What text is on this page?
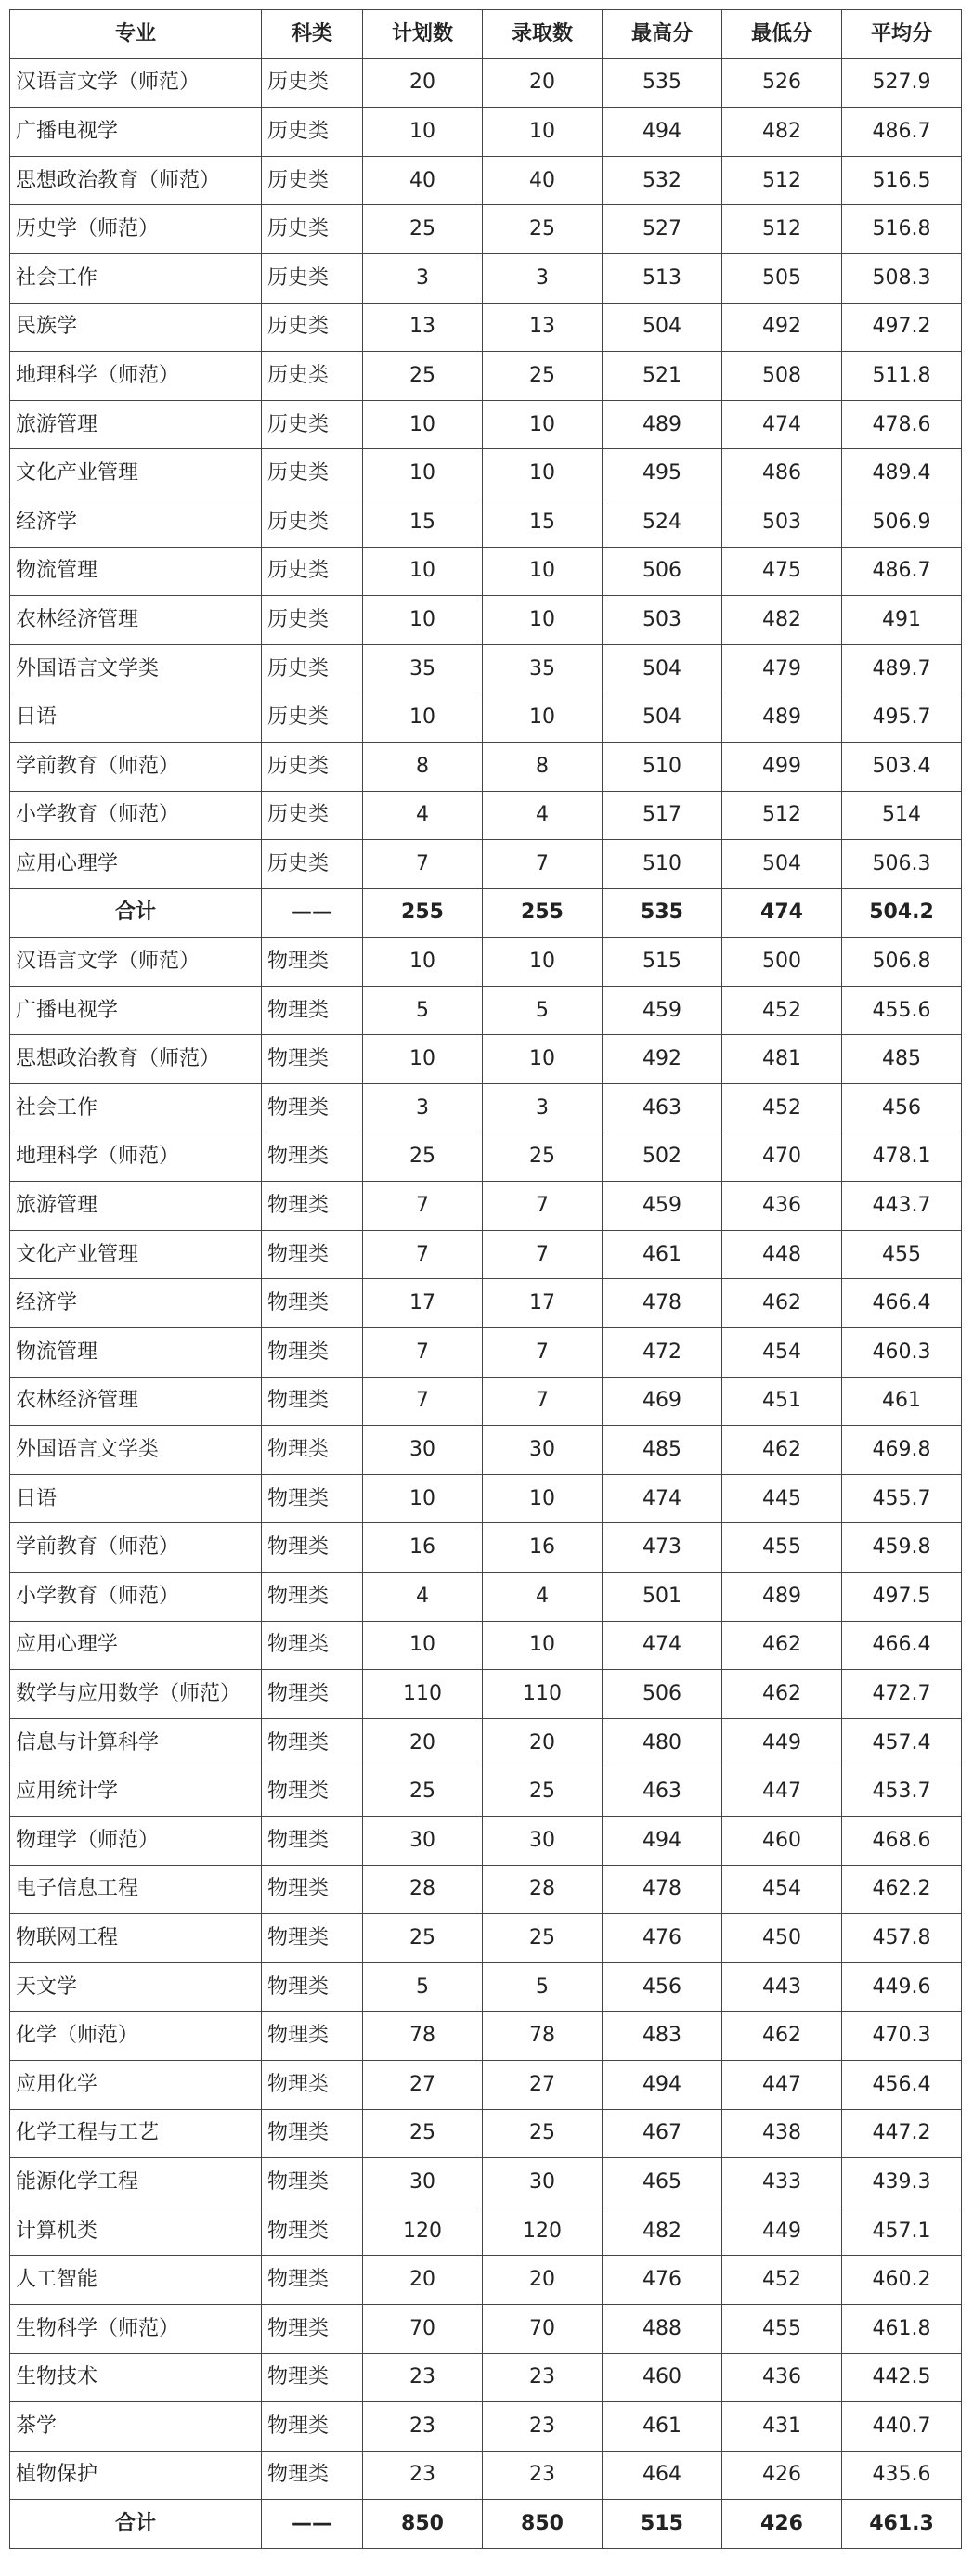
专业	科类	计划数	录取数	最高分	最低分	平均分
汉语言文学（师范）	历史类	20	20	535	526	527.9
广播电视学	历史类	10	10	494	482	486.7
思想政治教育（师范）	历史类	40	40	532	512	516.5
历史学（师范）	历史类	25	25	527	512	516.8
社会工作	历史类	3	3	513	505	508.3
民族学	历史类	13	13	504	492	497.2
地理科学（师范）	历史类	25	25	521	508	511.8
旅游管理	历史类	10	10	489	474	478.6
文化产业管理	历史类	10	10	495	486	489.4
经济学	历史类	15	15	524	503	506.9
物流管理	历史类	10	10	506	475	486.7
农林经济管理	历史类	10	10	503	482	491
外国语言文学类	历史类	35	35	504	479	489.7
日语	历史类	10	10	504	489	495.7
学前教育（师范）	历史类	8	8	510	499	503.4
小学教育（师范）	历史类	4	4	517	512	514
应用心理学	历史类	7	7	510	504	506.3
合计	——	255	255	535	474	504.2
汉语言文学（师范）	物理类	10	10	515	500	506.8
广播电视学	物理类	5	5	459	452	455.6
思想政治教育（师范）	物理类	10	10	492	481	485
社会工作	物理类	3	3	463	452	456
地理科学（师范）	物理类	25	25	502	470	478.1
旅游管理	物理类	7	7	459	436	443.7
文化产业管理	物理类	7	7	461	448	455
经济学	物理类	17	17	478	462	466.4
物流管理	物理类	7	7	472	454	460.3
农林经济管理	物理类	7	7	469	451	461
外国语言文学类	物理类	30	30	485	462	469.8
日语	物理类	10	10	474	445	455.7
学前教育（师范）	物理类	16	16	473	455	459.8
小学教育（师范）	物理类	4	4	501	489	497.5
应用心理学	物理类	10	10	474	462	466.4
数学与应用数学（师范）	物理类	110	110	506	462	472.7
信息与计算科学	物理类	20	20	480	449	457.4
应用统计学	物理类	25	25	463	447	453.7
物理学（师范）	物理类	30	30	494	460	468.6
电子信息工程	物理类	28	28	478	454	462.2
物联网工程	物理类	25	25	476	450	457.8
天文学	物理类	5	5	456	443	449.6
化学（师范）	物理类	78	78	483	462	470.3
应用化学	物理类	27	27	494	447	456.4
化学工程与工艺	物理类	25	25	467	438	447.2
能源化学工程	物理类	30	30	465	433	439.3
计算机类	物理类	120	120	482	449	457.1
人工智能	物理类	20	20	476	452	460.2
生物科学（师范）	物理类	70	70	488	455	461.8
生物技术	物理类	23	23	460	436	442.5
茶学	物理类	23	23	461	431	440.7
植物保护	物理类	23	23	464	426	435.6
合计	——	850	850	515	426	461.3
